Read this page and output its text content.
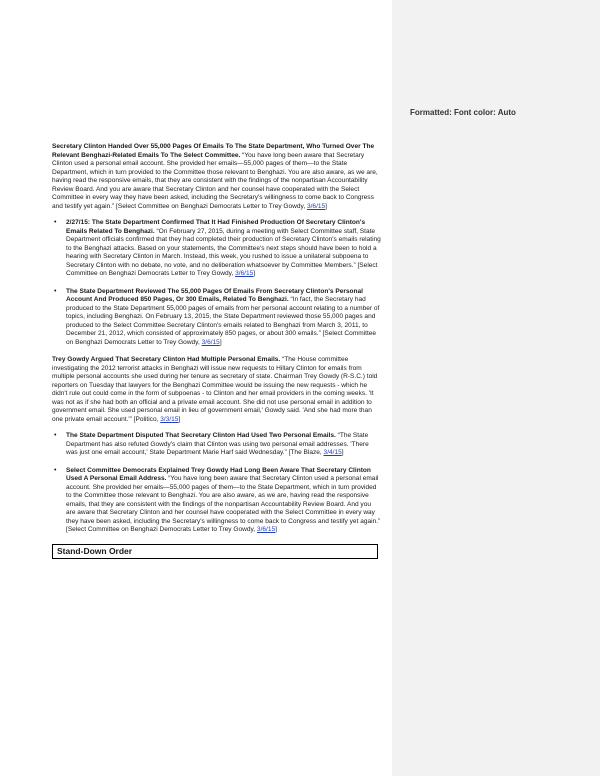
Formatted: Font color: Auto

Secretary Clinton Handed Over 55,000 Pages Of Emails To The State Department, Who Turned Over The Relevant Benghazi-Related Emails To The Select Committee. “You have long been aware that Secretary Clinton used a personal email account. She provided her emails—55,000 pages of them—to the State Department, which in turn provided to the Committee those relevant to Benghazi. You are also aware, as we are, having read the responsive emails, that they are consistent with the findings of the nonpartisan Accountability Review Board. And you are aware that Secretary Clinton and her counsel have cooperated with the Select Committee in every way they have been asked, including the Secretary's willingness to come back to Congress and testify yet again.” [Select Committee on Benghazi Democrats Letter to Trey Gowdy, 3/6/15]

• 2/27/15: The State Department Confirmed That It Had Finished Production Of Secretary Clinton's Emails Related To Benghazi. “On February 27, 2015, during a meeting with Select Committee staff, State Department officials confirmed that they had completed their production of Secretary Clinton's emails relating to the Benghazi attacks. Based on your statements, the Committee's next steps should have been to hold a hearing with Secretary Clinton in March. Instead, this week, you rushed to issue a unilateral subpoena to Secretary Clinton with no debate, no vote, and no deliberation whatsoever by Committee Members.” [Select Committee on Benghazi Democrats Letter to Trey Gowdy, 3/6/15]
• The State Department Reviewed The 55,000 Pages Of Emails From Secretary Clinton's Personal Account And Produced 850 Pages, Or 300 Emails, Related To Benghazi. “In fact, the Secretary had produced to the State Department 55,000 pages of emails from her personal account relating to a number of topics, including Benghazi. On February 13, 2015, the State Department reviewed those 55,000 pages and produced to the Select Committee Secretary Clinton's emails related to Benghazi from March 3, 2011, to December 21, 2012, which consisted of approximately 850 pages, or about 300 emails.” [Select Committee on Benghazi Democrats Letter to Trey Gowdy, 3/6/15]

Trey Gowdy Argued That Secretary Clinton Had Multiple Personal Emails. “The House committee investigating the 2012 terrorist attacks in Benghazi will issue new requests to Hillary Clinton for emails from multiple personal accounts she used during her tenure as secretary of state. Chairman Trey Gowdy (R-S.C.) told reporters on Tuesday that lawyers for the Benghazi Committee would be issuing the new requests - which he didn't rule out could come in the form of subpoenas - to Clinton and her email providers in the coming weeks. 'It was not as if she had both an official and a private email account. She did not use personal email in addition to government email. She used personal email in lieu of government email,' Gowdy said. 'And she had more than one private email account.'” [Politico, 3/3/15]

• The State Department Disputed That Secretary Clinton Had Used Two Personal Emails. “The State Department has also refuted Gowdy's claim that Clinton was using two personal email addresses. 'There was just one email account,' State Department Marie Harf said Wednesday.” [The Blaze, 3/4/15]
• Select Committee Democrats Explained Trey Gowdy Had Long Been Aware That Secretary Clinton Used A Personal Email Address. “You have long been aware that Secretary Clinton used a personal email account. She provided her emails—55,000 pages of them—to the State Department, which in turn provided to the Committee those relevant to Benghazi. You are also aware, as we are, having read the responsive emails, that they are consistent with the findings of the nonpartisan Accountability Review Board. And you are aware that Secretary Clinton and her counsel have cooperated with the Select Committee in every way they have been asked, including the Secretary's willingness to come back to Congress and testify yet again.” [Select Committee on Benghazi Democrats Letter to Trey Gowdy, 3/6/15]
Stand-Down Order
